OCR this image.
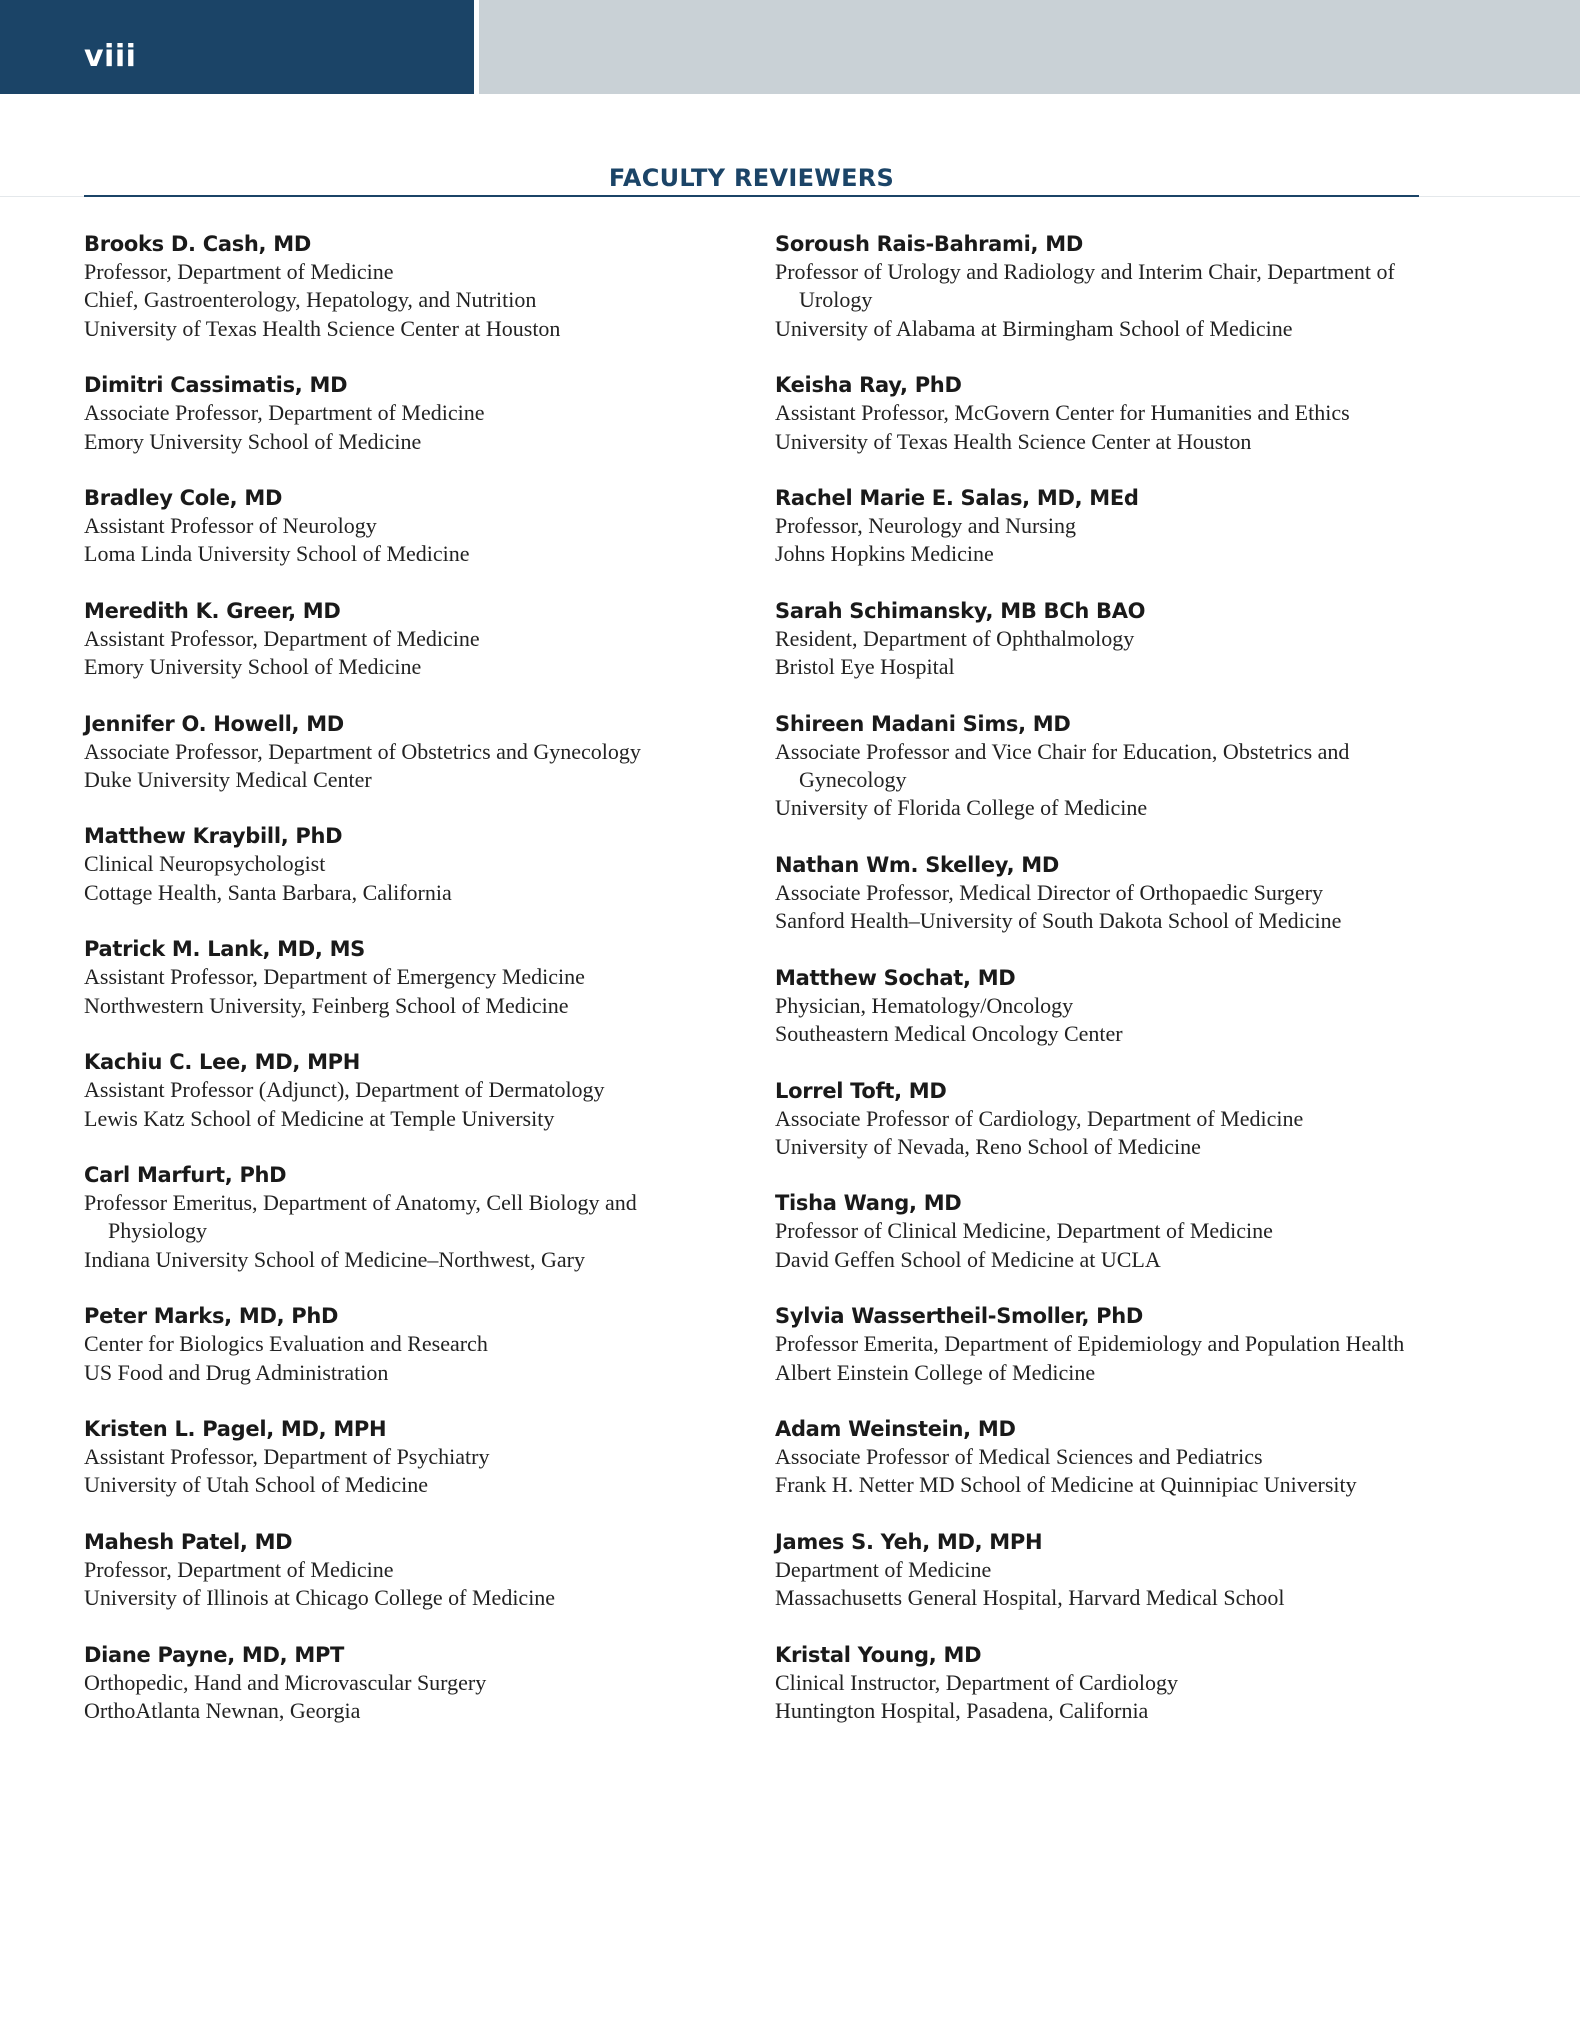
viii
FACULTY REVIEWERS
Brooks D. Cash, MD
Professor, Department of Medicine
Chief, Gastroenterology, Hepatology, and Nutrition
University of Texas Health Science Center at Houston
Dimitri Cassimatis, MD
Associate Professor, Department of Medicine
Emory University School of Medicine
Bradley Cole, MD
Assistant Professor of Neurology
Loma Linda University School of Medicine
Meredith K. Greer, MD
Assistant Professor, Department of Medicine
Emory University School of Medicine
Jennifer O. Howell, MD
Associate Professor, Department of Obstetrics and Gynecology
Duke University Medical Center
Matthew Kraybill, PhD
Clinical Neuropsychologist
Cottage Health, Santa Barbara, California
Patrick M. Lank, MD, MS
Assistant Professor, Department of Emergency Medicine
Northwestern University, Feinberg School of Medicine
Kachiu C. Lee, MD, MPH
Assistant Professor (Adjunct), Department of Dermatology
Lewis Katz School of Medicine at Temple University
Carl Marfurt, PhD
Professor Emeritus, Department of Anatomy, Cell Biology and Physiology
Indiana University School of Medicine–Northwest, Gary
Peter Marks, MD, PhD
Center for Biologics Evaluation and Research
US Food and Drug Administration
Kristen L. Pagel, MD, MPH
Assistant Professor, Department of Psychiatry
University of Utah School of Medicine
Mahesh Patel, MD
Professor, Department of Medicine
University of Illinois at Chicago College of Medicine
Diane Payne, MD, MPT
Orthopedic, Hand and Microvascular Surgery
OrthoAtlanta Newnan, Georgia
Soroush Rais-Bahrami, MD
Professor of Urology and Radiology and Interim Chair, Department of Urology
University of Alabama at Birmingham School of Medicine
Keisha Ray, PhD
Assistant Professor, McGovern Center for Humanities and Ethics
University of Texas Health Science Center at Houston
Rachel Marie E. Salas, MD, MEd
Professor, Neurology and Nursing
Johns Hopkins Medicine
Sarah Schimansky, MB BCh BAO
Resident, Department of Ophthalmology
Bristol Eye Hospital
Shireen Madani Sims, MD
Associate Professor and Vice Chair for Education, Obstetrics and Gynecology
University of Florida College of Medicine
Nathan Wm. Skelley, MD
Associate Professor, Medical Director of Orthopaedic Surgery
Sanford Health–University of South Dakota School of Medicine
Matthew Sochat, MD
Physician, Hematology/Oncology
Southeastern Medical Oncology Center
Lorrel Toft, MD
Associate Professor of Cardiology, Department of Medicine
University of Nevada, Reno School of Medicine
Tisha Wang, MD
Professor of Clinical Medicine, Department of Medicine
David Geffen School of Medicine at UCLA
Sylvia Wassertheil-Smoller, PhD
Professor Emerita, Department of Epidemiology and Population Health
Albert Einstein College of Medicine
Adam Weinstein, MD
Associate Professor of Medical Sciences and Pediatrics
Frank H. Netter MD School of Medicine at Quinnipiac University
James S. Yeh, MD, MPH
Department of Medicine
Massachusetts General Hospital, Harvard Medical School
Kristal Young, MD
Clinical Instructor, Department of Cardiology
Huntington Hospital, Pasadena, California
